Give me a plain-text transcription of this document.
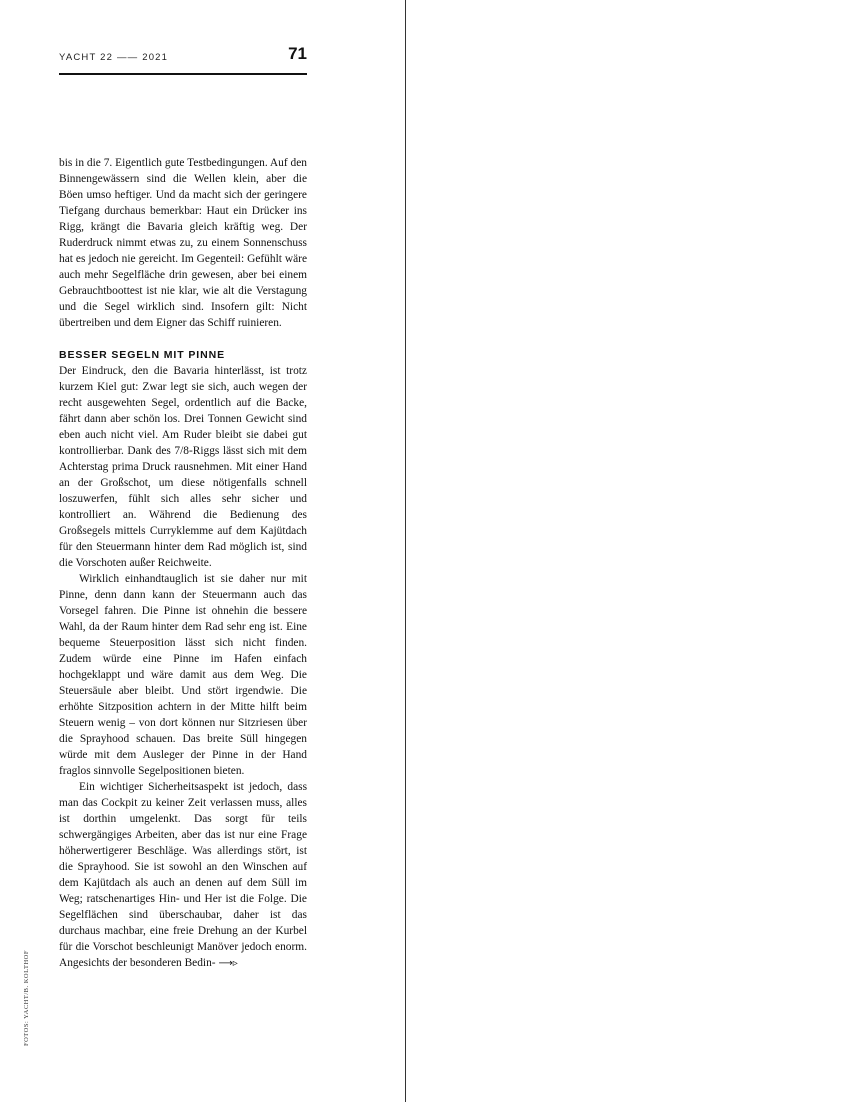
YACHT 22 —— 2021	71

bis in die 7. Eigentlich gute Testbedingungen. Auf den Binnengewässern sind die Wellen klein, aber die Böen umso heftiger. Und da macht sich der geringere Tiefgang durchaus bemerkbar: Haut ein Drücker ins Rigg, krängt die Bavaria gleich kräftig weg. Der Ruderdruck nimmt etwas zu, zu einem Sonnenschuss hat es jedoch nie gereicht. Im Gegenteil: Gefühlt wäre auch mehr Segelfläche drin gewesen, aber bei einem Gebrauchtboottest ist nie klar, wie alt die Verstagung und die Segel wirklich sind. Insofern gilt: Nicht übertreiben und dem Eigner das Schiff ruinieren.

BESSER SEGELN MIT PINNE

Der Eindruck, den die Bavaria hinterlässt, ist trotz kurzem Kiel gut: Zwar legt sie sich, auch wegen der recht ausgewehten Segel, ordentlich auf die Backe, fährt dann aber schön los. Drei Tonnen Gewicht sind eben auch nicht viel. Am Ruder bleibt sie dabei gut kontrollierbar. Dank des 7/8-Riggs lässt sich mit dem Achterstag prima Druck rausnehmen. Mit einer Hand an der Großschot, um diese nötigenfalls schnell loszuwerfen, fühlt sich alles sehr sicher und kontrolliert an. Während die Bedienung des Großsegels mittels Curryklemme auf dem Kajütdach für den Steuermann hinter dem Rad möglich ist, sind die Vorschoten außer Reichweite.

Wirklich einhandtauglich ist sie daher nur mit Pinne, denn dann kann der Steuermann auch das Vorsegel fahren. Die Pinne ist ohnehin die bessere Wahl, da der Raum hinter dem Rad sehr eng ist. Eine bequeme Steuerposition lässt sich nicht finden. Zudem würde eine Pinne im Hafen einfach hochgeklappt und wäre damit aus dem Weg. Die Steuersäule aber bleibt. Und stört irgendwie. Die erhöhte Sitzposition achtern in der Mitte hilft beim Steuern wenig – von dort können nur Sitzriesen über die Sprayhood schauen. Das breite Süll hingegen würde mit dem Ausleger der Pinne in der Hand fraglos sinnvolle Segelpositionen bieten.

Ein wichtiger Sicherheitsaspekt ist jedoch, dass man das Cockpit zu keiner Zeit verlassen muss, alles ist dorthin umgelenkt. Das sorgt für teils schwergängiges Arbeiten, aber das ist nur eine Frage höherwertigerer Beschläge. Was allerdings stört, ist die Sprayhood. Sie ist sowohl an den Winschen auf dem Kajütdach als auch an denen auf dem Süll im Weg; ratschenartiges Hin- und Her ist die Folge. Die Segelflächen sind überschaubar, daher ist das durchaus machbar, eine freie Drehung an der Kurbel für die Vorschot beschleunigt Manöver jedoch enorm. Angesichts der besonderen Bedin- ⟶▹

FOTOS: YACHT/B. KOLTHOF
